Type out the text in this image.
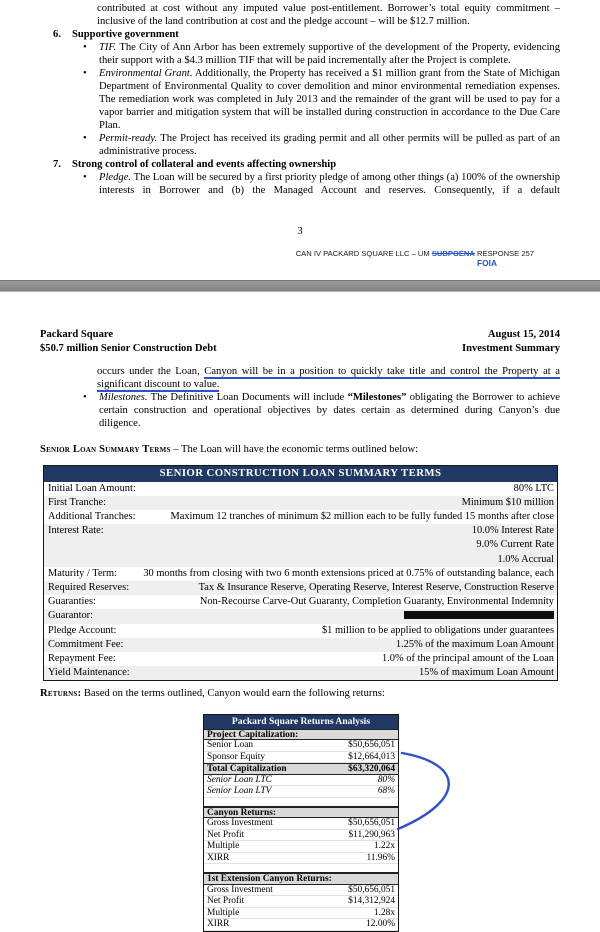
contributed at cost without any imputed value post-entitlement. Borrower’s total equity commitment – inclusive of the land contribution at cost and the pledge account – will be $12.7 million.

6. Supportive government
• TIF. The City of Ann Arbor has been extremely supportive of the development of the Property, evidencing their support with a $4.3 million TIF that will be paid incrementally after the Project is complete.
• Environmental Grant. Additionally, the Property has received a $1 million grant from the State of Michigan Department of Environmental Quality to cover demolition and minor environmental remediation expenses. The remediation work was completed in July 2013 and the remainder of the grant will be used to pay for a vapor barrier and mitigation system that will be installed during construction in accordance to the Due Care Plan.
• Permit-ready. The Project has received its grading permit and all other permits will be pulled as part of an administrative process.
7. Strong control of collateral and events affecting ownership
• Pledge. The Loan will be secured by a first priority pledge of among other things (a) 100% of the ownership interests in Borrower and (b) the Managed Account and reserves. Consequently, if a default
3
CAN IV PACKARD SQUARE LLC – UM SUBPOENA RESPONSE 257
FOIA
Packard Square
$50.7 million Senior Construction Debt
August 15, 2014
Investment Summary

occurs under the Loan, Canyon will be in a position to quickly take title and control the Property at a significant discount to value.

• Milestones. The Definitive Loan Documents will include “Milestones” obligating the Borrower to achieve certain construction and operational objectives by dates certain as determined during Canyon’s due diligence.
Senior Loan Summary Terms – The Loan will have the economic terms outlined below:
SENIOR CONSTRUCTION LOAN SUMMARY TERMS
Initial Loan Amount:	80% LTC
First Tranche:	Minimum $10 million
Additional Tranches:	Maximum 12 tranches of minimum $2 million each to be fully funded 15 months after close
Interest Rate:	10.0% Interest Rate
9.0% Current Rate
1.0% Accrual
Maturity / Term:	30 months from closing with two 6 month extensions priced at 0.75% of outstanding balance, each
Required Reserves:	Tax & Insurance Reserve, Operating Reserve, Interest Reserve, Construction Reserve
Guaranties:	Non-Recourse Carve-Out Guaranty, Completion Guaranty, Environmental Indemnity
Guarantor:
Pledge Account:	$1 million to be applied to obligations under guarantees
Commitment Fee:	1.25% of the maximum Loan Amount
Repayment Fee:	1.0% of the principal amount of the Loan
Yield Maintenance:	15% of maximum Loan Amount
Returns: Based on the terms outlined, Canyon would earn the following returns:
Packard Square Returns Analysis
Project Capitalization:
Senior Loan	$50,656,051
Sponsor Equity	$12,664,013
Total Capitalization	$63,320,064
Senior Loan LTC	80%
Senior Loan LTV	68%
Canyon Returns:
Gross Investment	$50,656,051
Net Profit	$11,290,963
Multiple	1.22x
XIRR	11.96%
1st Extension Canyon Returns:
Gross Investment	$50,656,051
Net Profit	$14,312,924
Multiple	1.28x
XIRR	12.00%
